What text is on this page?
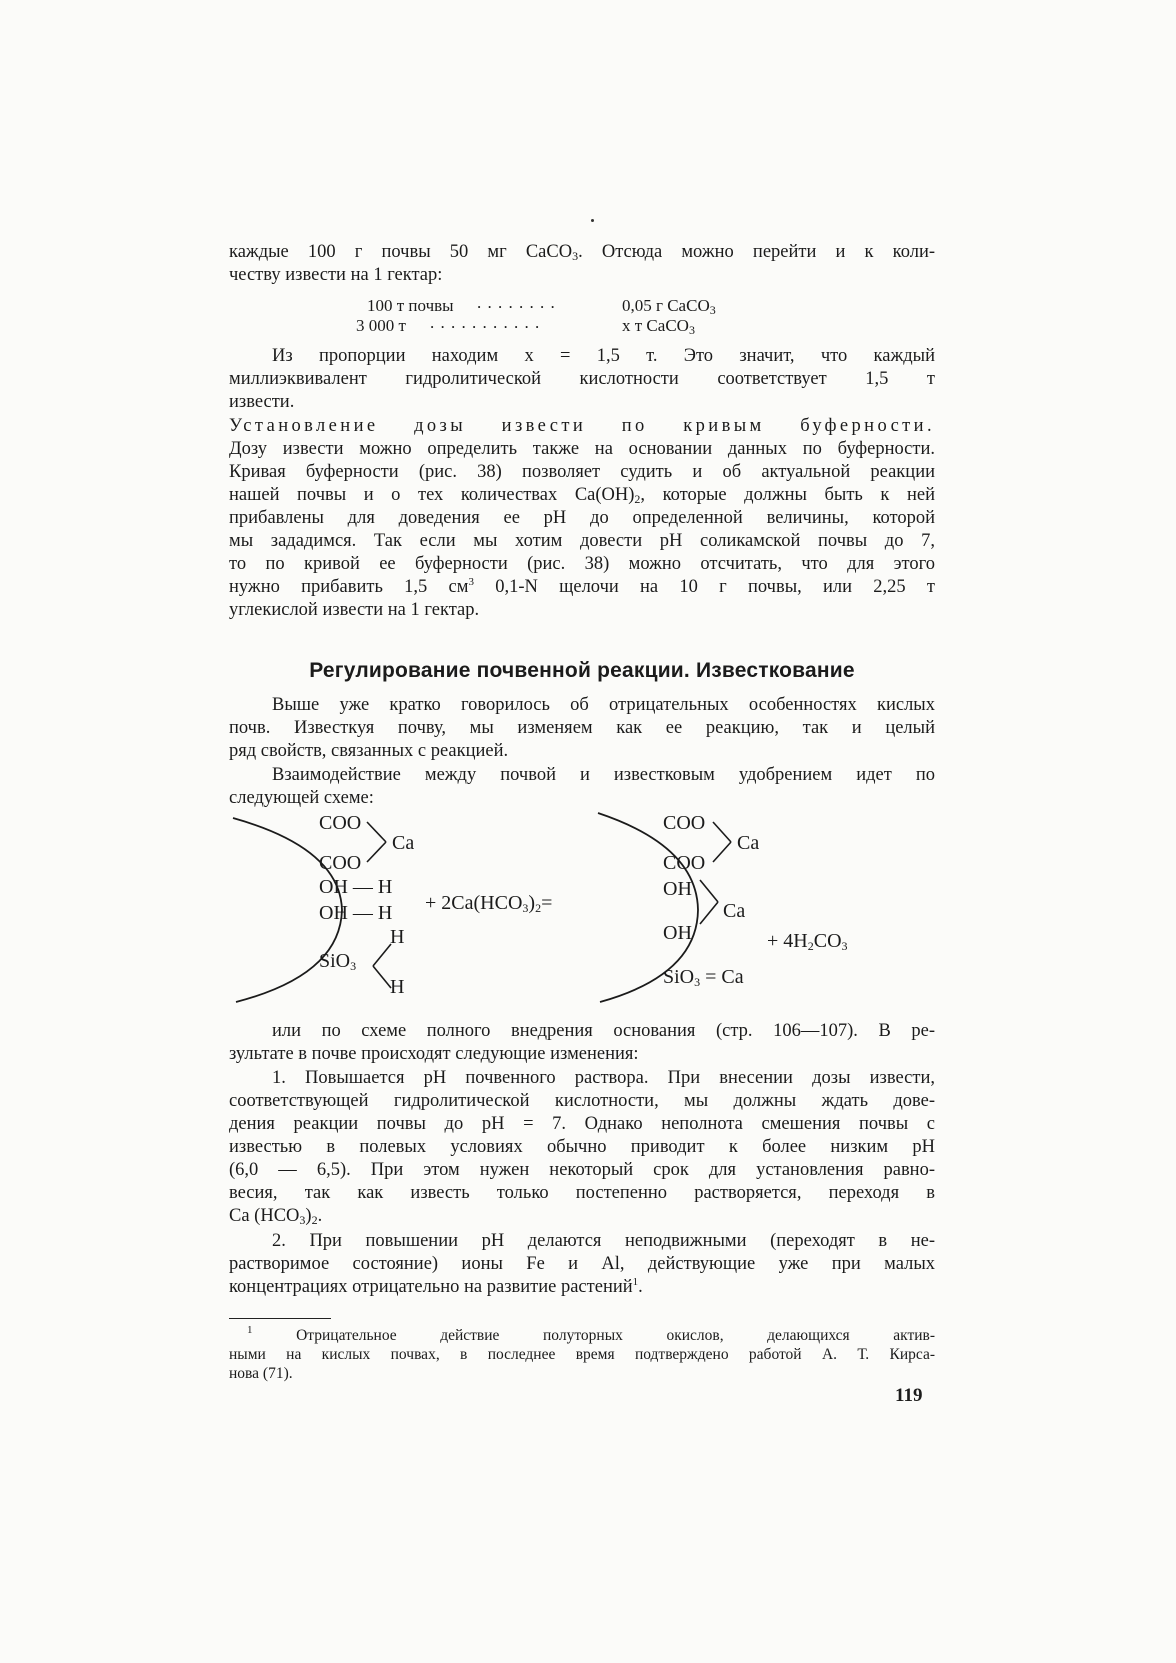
каждые 100 г почвы 50 мг CaCO$_3$. Отсюда можно перейти и к коли-
честву извести на 1 гектар:
100 т почвы . . . . . . . .	0,05 г CaCO$_3$
3 000 т . . . . . . . . . . .	x т CaCO$_3$
Из пропорции находим x = 1,5 т. Это значит, что каждый
миллиэквивалент гидролитической кислотности соответствует 1,5 т
извести.
Установление дозы извести по кривым буферности.
Дозу извести можно определить также на основании данных по буферности.
Кривая буферности (рис. 38) позволяет судить и об актуальной реакции
нашей почвы и о тех количествах $Ca(OH)_2$, которые должны быть к ней
прибавлены для доведения ее pH до определенной величины, которой
мы зададимся. Так если мы хотим довести pH соликамской почвы до 7,
то по кривой ее буферности (рис. 38) можно отсчитать, что для этого
нужно прибавить 1,5 $см^3$ 0,1-N щелочи на 10 г почвы, или 2,25 т
углекислой извести на 1 гектар.
Регулирование почвенной реакции. Известкование
Выше уже кратко говорилось об отрицательных особенностях кислых
почв. Известкуя почву, мы изменяем как ее реакцию, так и целый
ряд свойств, связанных с реакцией.
Взаимодействие между почвой и известковым удобрением идет по
следующей схеме:
COO
Ca
COO
OH — H
OH — H
H
SiO$_3$
H
+ $2Ca(HCO_3)_2=$
COO
Ca
COO
OH
Ca
OH
SiO$_3$ = Ca
+ $4H_2CO_3$
или по схеме полного внедрения основания (стр. 106—107). В ре-
зультате в почве происходят следующие изменения:
1. Повышается pH почвенного раствора. При внесении дозы извести,
соответствующей гидролитической кислотности, мы должны ждать дове-
дения реакции почвы до pH = 7. Однако неполнота смешения почвы с
известью в полевых условиях обычно приводит к более низким pH
(6,0 — 6,5). При этом нужен некоторый срок для установления равно-
весия, так как известь только постепенно растворяется, переходя в
Ca $(HCO_3)_2$.
2. При повышении pH делаются неподвижными (переходят в не-
растворимое состояние) ионы Fe и Al, действующие уже при малых
концентрациях отрицательно на развитие растений$^1$.
$^1$	Отрицательное действие полуторных окислов, делающихся актив-
ными на кислых почвах, в последнее время подтверждено работой А. Т. Кирса-
нова (71).
119
